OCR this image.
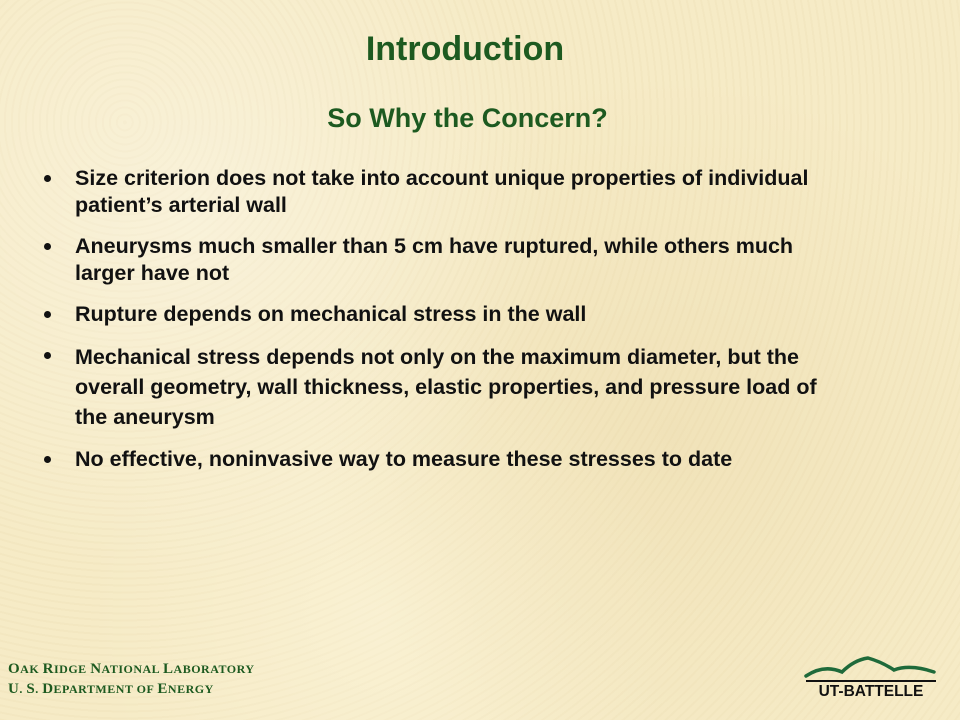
Introduction
So Why the Concern?
Size criterion does not take into account unique properties of individual patient’s arterial wall
Aneurysms much smaller than 5 cm have ruptured, while others much larger have not
Rupture depends on mechanical stress in the wall
Mechanical stress depends not only on the maximum diameter, but the overall geometry, wall thickness, elastic properties, and pressure load of the aneurysm
No effective, noninvasive way to measure these stresses to date
OAK RIDGE NATIONAL LABORATORY
U. S. DEPARTMENT OF ENERGY	UT-BATTELLE
